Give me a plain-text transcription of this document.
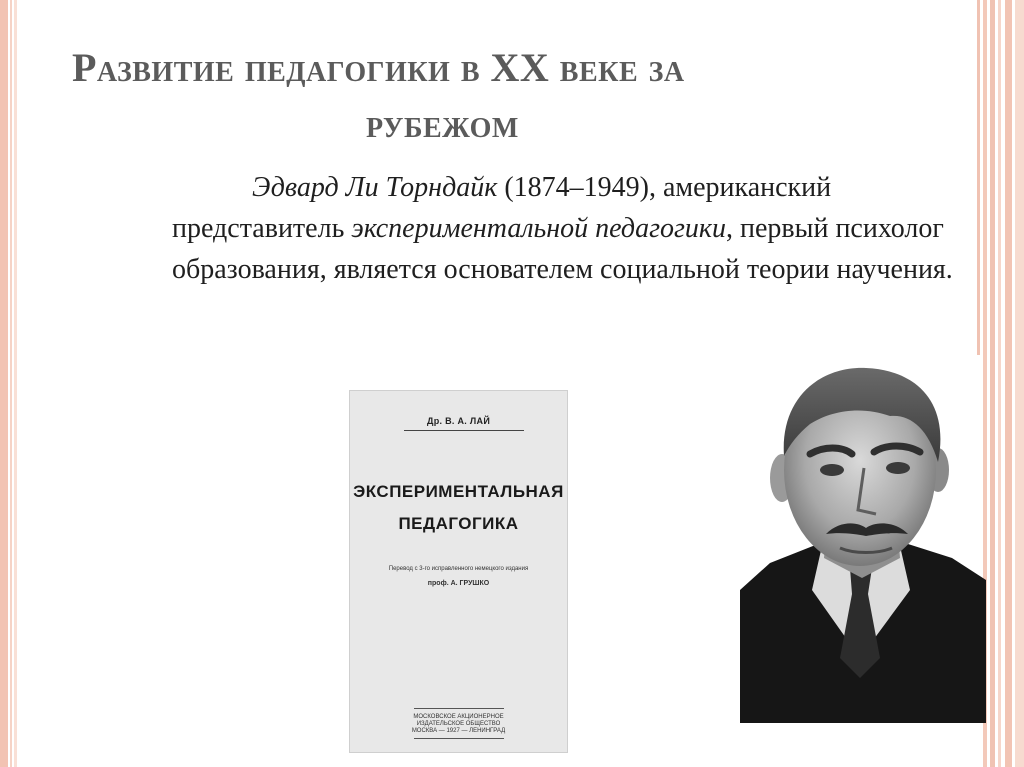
Развитие педагогики в XX веке за
рубежом

Эдвард Ли Торндайк (1874–1949), американский представитель экспериментальной педагогики, первый психолог образования, является основателем социальной теории научения.

Др. В. А. ЛАЙ
ЭКСПЕРИМЕНТАЛЬНАЯ
ПЕДАГОГИКА
Перевод с 3-го исправленного немецкого издания
проф. А. ГРУШКО
МОСКОВСКОЕ АКЦИОНЕРНОЕ
ИЗДАТЕЛЬСКОЕ ОБЩЕСТВО
МОСКВА — 1927 — ЛЕНИНГРАД
